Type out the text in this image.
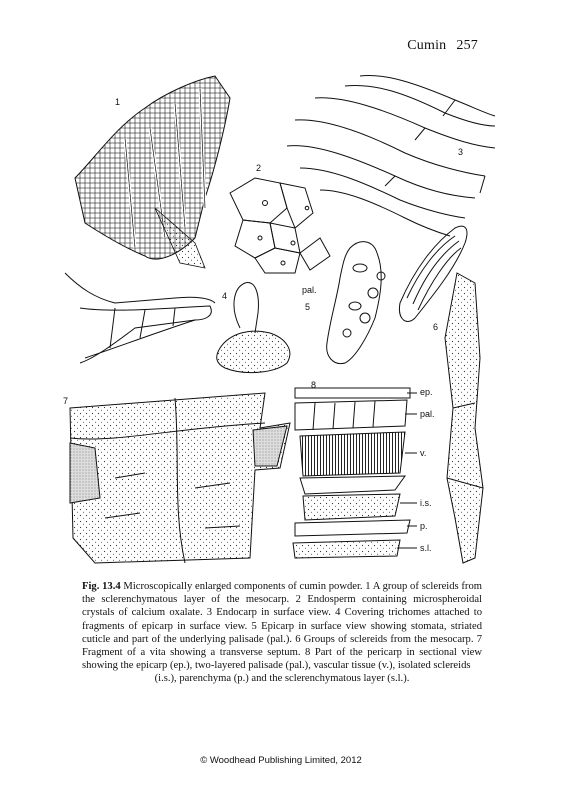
Cumin 257
1
2
3
4
5
6
7
8
pal.
ep.
pal.
v.
i.s.
p.
s.l.
Fig. 13.4 Microscopically enlarged components of cumin powder. 1 A group of sclereids from the sclerenchymatous layer of the mesocarp. 2 Endosperm containing microspheroidal crystals of calcium oxalate. 3 Endocarp in surface view. 4 Covering trichomes attached to fragments of epicarp in surface view. 5 Epicarp in surface view showing stomata, striated cuticle and part of the underlying palisade (pal.). 6 Groups of sclereids from the mesocarp. 7 Fragment of a vita showing a transverse septum. 8 Part of the pericarp in sectional view showing the epicarp (ep.), two-layered palisade (pal.), vascular tissue (v.), isolated sclereids
(i.s.), parenchyma (p.) and the sclerenchymatous layer (s.l.).
© Woodhead Publishing Limited, 2012
